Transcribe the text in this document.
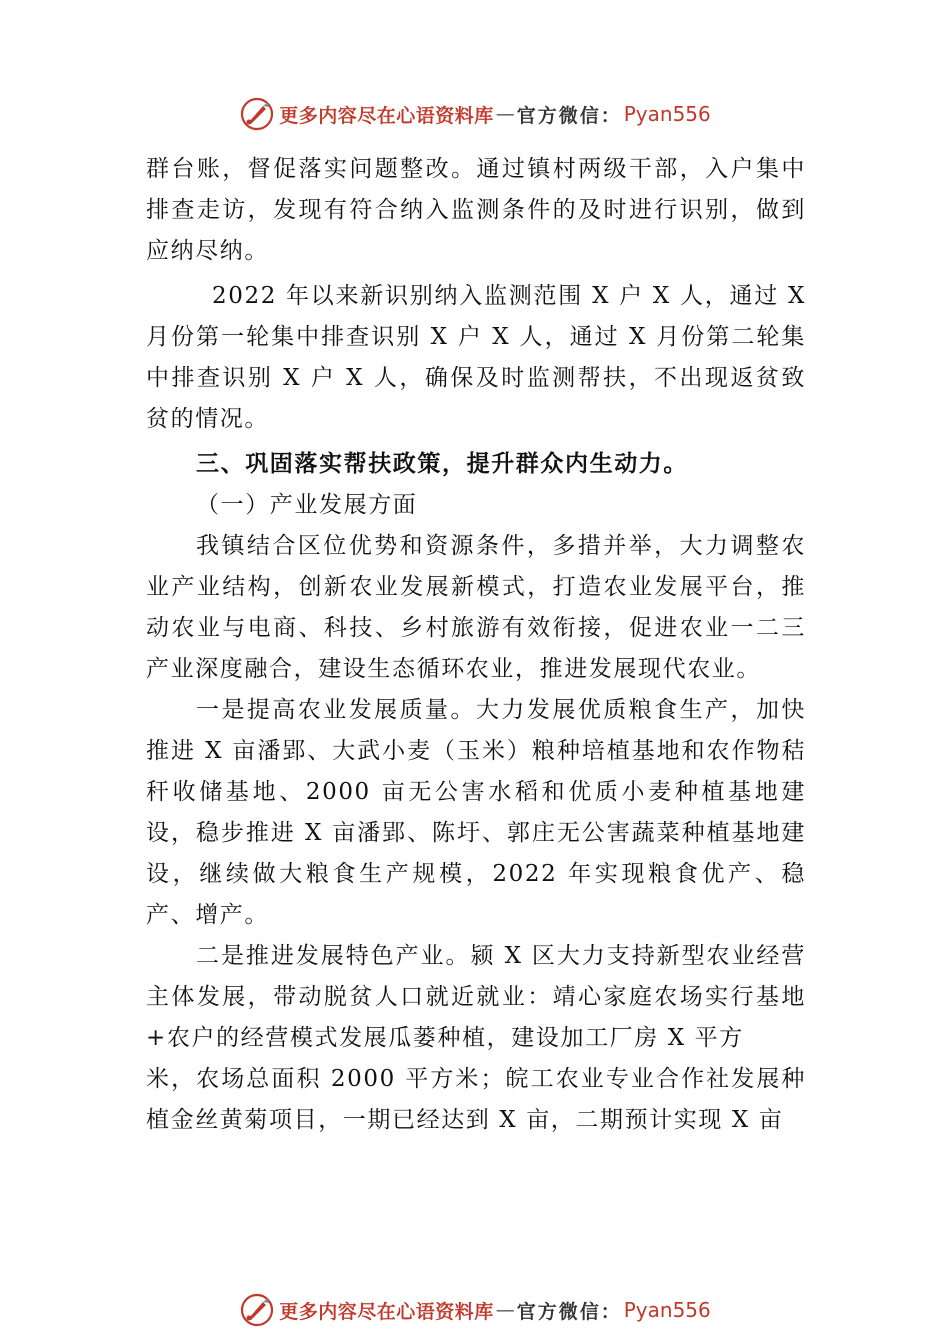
更多内容尽在心语资料库 — 官方微信： Pyan556

群台账，督促落实问题整改。通过镇村两级干部，入户集中排查走访，发现有符合纳入监测条件的及时进行识别，做到应纳尽纳。

2022 年以来新识别纳入监测范围 X 户 X 人，通过 X 月份第一轮集中排查识别 X 户 X 人，通过 X 月份第二轮集中排查识别 X 户 X 人，确保及时监测帮扶，不出现返贫致贫的情况。

三、巩固落实帮扶政策，提升群众内生动力。

（一）产业发展方面

我镇结合区位优势和资源条件，多措并举，大力调整农业产业结构，创新农业发展新模式，打造农业发展平台，推动农业与电商、科技、乡村旅游有效衔接，促进农业一二三产业深度融合，建设生态循环农业，推进发展现代农业。

一是提高农业发展质量。大力发展优质粮食生产，加快推进 X 亩潘郢、大武小麦（玉米）粮种培植基地和农作物秸秆收储基地、2000 亩无公害水稻和优质小麦种植基地建设，稳步推进 X 亩潘郢、陈圩、郭庄无公害蔬菜种植基地建设，继续做大粮食生产规模，2022 年实现粮食优产、稳产、增产。

二是推进发展特色产业。颍 X 区大力支持新型农业经营主体发展，带动脱贫人口就近就业：靖心家庭农场实行基地+农户的经营模式发展瓜蒌种植，建设加工厂房 X 平方

米，农场总面积 2000 平方米；皖工农业专业合作社发展种植金丝黄菊项目，一期已经达到 X 亩，二期预计实现 X 亩

更多内容尽在心语资料库 — 官方微信： Pyan556
